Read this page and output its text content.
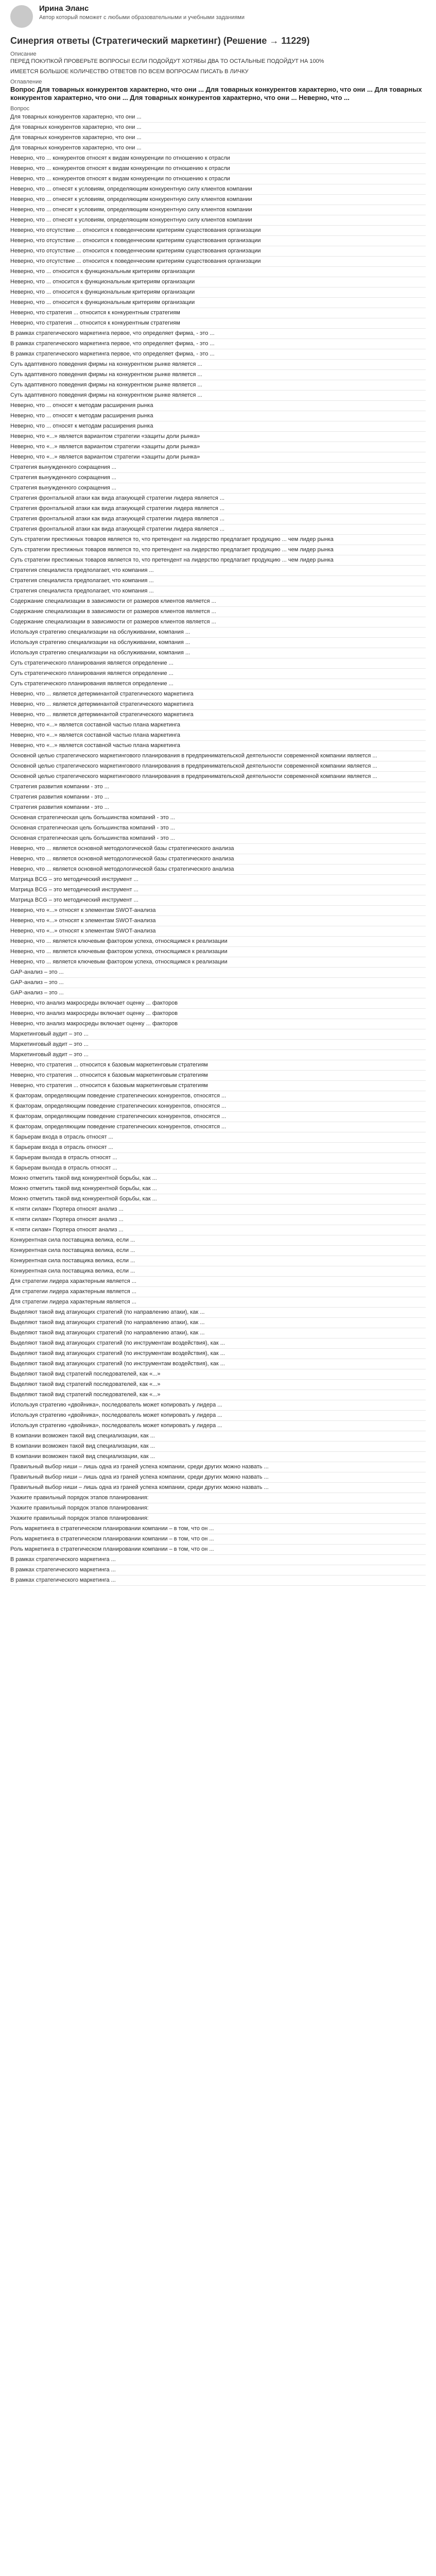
Ирина Эланс
Автор который поможет с любыми образовательными и учебными заданиями
Синергия ответы (Стратегический маркетинг) (Решение → 11229)
Описание
ПЕРЕД ПОКУПКОЙ ПРОВЕРЬТЕ ВОПРОСЫ! ЕСЛИ ПОДОЙДУТ ХОТЯБЫ ДВА ТО ОСТАЛЬНЫЕ ПОДОЙДУТ НА 100%
ИМЕЕТСЯ БОЛЬШОЕ КОЛИЧЕСТВО ОТВЕТОВ ПО ВСЕМ ВОПРОСАМ ПИСАТЬ В ЛИЧКУ
Оглавление
Вопрос Для товарных конкурентов характерно, что они ... Для товарных конкурентов характерно, что они ... Для товарных конкурентов характерно, что они ... Для товарных конкурентов характерно, что они ... Неверно, что ...
Вопрос
Для товарных конкурентов характерно, что они ...
Для товарных конкурентов характерно, что они ...
Для товарных конкурентов характерно, что они ...
Для товарных конкурентов характерно, что они ...
Неверно, что ... конкурентов относят к видам конкуренции по отношению к отрасли
Неверно, что ... конкурентов относят к видам конкуренции по отношению к отрасли
Неверно, что ... конкурентов относят к видам конкуренции по отношению к отрасли
Неверно, что ... отнесят к условиям, определяющим конкурентную силу клиентов компании
Неверно, что ... отнесят к условиям, определяющим конкурентную силу клиентов компании
Неверно, что ... отнесят к условиям, определяющим конкурентную силу клиентов компании
Неверно, что ... отнесят к условиям, определяющим конкурентную силу клиентов компании
Неверно, что отсутствие ... относится к поведенческим критериям существования организации
Неверно, что отсутствие ... относится к поведенческим критериям существования организации
Неверно, что отсутствие ... относится к поведенческим критериям существования организации
Неверно, что отсутствие ... относится к поведенческим критериям существования организации
Неверно, что ... относится к функциональным критериям организации
Неверно, что ... относится к функциональным критериям организации
Неверно, что ... относится к функциональным критериям организации
Неверно, что ... относится к функциональным критериям организации
Неверно, что стратегия ... относится к конкурентным стратегиям
Неверно, что стратегия ... относится к конкурентным стратегиям
В рамках стратегического маркетинга первое, что определяет фирма, - это ...
В рамках стратегического маркетинга первое, что определяет фирма, - это ...
В рамках стратегического маркетинга первое, что определяет фирма, - это ...
Суть адаптивного поведения фирмы на конкурентном рынке является ...
Суть адаптивного поведения фирмы на конкурентном рынке является ...
Суть адаптивного поведения фирмы на конкурентном рынке является ...
Суть адаптивного поведения фирмы на конкурентном рынке является ...
Неверно, что ... относят к методам расширения рынка
Неверно, что ... относят к методам расширения рынка
Неверно, что ... относят к методам расширения рынка
Неверно, что «...» является вариантом стратегии «защиты доли рынка»
Неверно, что «...» является вариантом стратегии «защиты доли рынка»
Неверно, что «...» является вариантом стратегии «защиты доли рынка»
Стратегия вынужденного сокращения ...
Стратегия вынужденного сокращения ...
Стратегия вынужденного сокращения ...
Стратегия фронтальной атаки как вида атакующей стратегии лидера является ...
Стратегия фронтальной атаки как вида атакующей стратегии лидера является ...
Стратегия фронтальной атаки как вида атакующей стратегии лидера является ...
Стратегия фронтальной атаки как вида атакующей стратегии лидера является ...
Суть стратегии престижных товаров является то, что претендент на лидерство предлагает продукцию ... чем лидер рынка
Суть стратегии престижных товаров является то, что претендент на лидерство предлагает продукцию ... чем лидер рынка
Суть стратегии престижных товаров является то, что претендент на лидерство предлагает продукцию ... чем лидер рынка
Стратегия специалиста предполагает, что компания ...
Стратегия специалиста предполагает, что компания ...
Стратегия специалиста предполагает, что компания ...
Содержание специализации в зависимости от размеров клиентов является ...
Содержание специализации в зависимости от размеров клиентов является ...
Содержание специализации в зависимости от размеров клиентов является ...
Используя стратегию специализации на обслуживании, компания ...
Используя стратегию специализации на обслуживании, компания ...
Используя стратегию специализации на обслуживании, компания ...
Суть стратегического планирования является определение ...
Суть стратегического планирования является определение ...
Суть стратегического планирования является определение ...
Неверно, что ... является детерминантой стратегического маркетинга
Неверно, что ... является детерминантой стратегического маркетинга
Неверно, что ... является детерминантой стратегического маркетинга
Неверно, что «...» является составной частью плана маркетинга
Неверно, что «...» является составной частью плана маркетинга
Неверно, что «...» является составной частью плана маркетинга
Основной целью стратегического маркетингового планирования в предпринимательской деятельности современной компании является ...
Основной целью стратегического маркетингового планирования в предпринимательской деятельности современной компании является ...
Основной целью стратегического маркетингового планирования в предпринимательской деятельности современной компании является ...
Стратегия развития компании - это ...
Стратегия развития компании - это ...
Стратегия развития компании - это ...
Основная стратегическая цель большинства компаний - это ...
Основная стратегическая цель большинства компаний - это ...
Основная стратегическая цель большинства компаний - это ...
Неверно, что ... является основной методологической базы стратегического анализа
Неверно, что ... является основной методологической базы стратегического анализа
Неверно, что ... является основной методологической базы стратегического анализа
Матрица BCG – это методический инструмент ...
Матрица BCG – это методический инструмент ...
Матрица BCG – это методический инструмент ...
Неверно, что «...» относят к элементам SWOT-анализа
Неверно, что «...» относят к элементам SWOT-анализа
Неверно, что «...» относят к элементам SWOT-анализа
Неверно, что ... является ключевым фактором успеха, относящимся к реализации
Неверно, что ... является ключевым фактором успеха, относящимся к реализации
Неверно, что ... является ключевым фактором успеха, относящимся к реализации
GAP-анализ – это ...
GAP-анализ – это ...
GAP-анализ – это ...
Неверно, что анализ макросреды включает оценку ... факторов
Неверно, что анализ макросреды включает оценку ... факторов
Неверно, что анализ макросреды включает оценку ... факторов
Маркетинговый аудит – это ...
Маркетинговый аудит – это ...
Маркетинговый аудит – это ...
Неверно, что стратегия ... относится к базовым маркетинговым стратегиям
Неверно, что стратегия ... относится к базовым маркетинговым стратегиям
Неверно, что стратегия ... относится к базовым маркетинговым стратегиям
К факторам, определяющим поведение стратегических конкурентов, относятся ...
К факторам, определяющим поведение стратегических конкурентов, относятся ...
К факторам, определяющим поведение стратегических конкурентов, относятся ...
К факторам, определяющим поведение стратегических конкурентов, относятся ...
К барьерам входа в отрасль относят ...
К барьерам входа в отрасль относят ...
К барьерам выхода в отрасль относят ...
К барьерам выхода в отрасль относят ...
Можно отметить такой вид конкурентной борьбы, как ...
Можно отметить такой вид конкурентной борьбы, как ...
Можно отметить такой вид конкурентной борьбы, как ...
К «пяти силам» Портера относят анализ ...
К «пяти силам» Портера относят анализ ...
К «пяти силам» Портера относят анализ ...
Конкурентная сила поставщика велика, если ...
Конкурентная сила поставщика велика, если ...
Конкурентная сила поставщика велика, если ...
Конкурентная сила поставщика велика, если ...
Для стратегии лидера характерным является ...
Для стратегии лидера характерным является ...
Для стратегии лидера характерным является ...
Выделяют такой вид атакующих стратегий (по направлению атаки), как ...
Выделяют такой вид атакующих стратегий (по направлению атаки), как ...
Выделяют такой вид атакующих стратегий (по направлению атаки), как ...
Выделяют такой вид атакующих стратегий (по инструментам воздействия), как ...
Выделяют такой вид атакующих стратегий (по инструментам воздействия), как ...
Выделяют такой вид атакующих стратегий (по инструментам воздействия), как ...
Выделяют такой вид стратегий последователей, как «...»
Выделяют такой вид стратегий последователей, как «...»
Выделяют такой вид стратегий последователей, как «...»
Используя стратегию «двойника», последователь может копировать у лидера ...
Используя стратегию «двойника», последователь может копировать у лидера ...
Используя стратегию «двойника», последователь может копировать у лидера ...
В компании возможен такой вид специализации, как ...
В компании возможен такой вид специализации, как ...
В компании возможен такой вид специализации, как ...
Правильный выбор ниши – лишь одна из граней успеха компании, среди других можно назвать ...
Правильный выбор ниши – лишь одна из граней успеха компании, среди других можно назвать ...
Правильный выбор ниши – лишь одна из граней успеха компании, среди других можно назвать ...
Укажите правильный порядок этапов планирования:
Укажите правильный порядок этапов планирования:
Укажите правильный порядок этапов планирования:
Роль маркетинга в стратегическом планировании компании – в том, что он ...
Роль маркетинга в стратегическом планировании компании – в том, что он ...
Роль маркетинга в стратегическом планировании компании – в том, что он ...
В рамках стратегического маркетинга ...
В рамках стратегического маркетинга ...
В рамках стратегического маркетинга ...
